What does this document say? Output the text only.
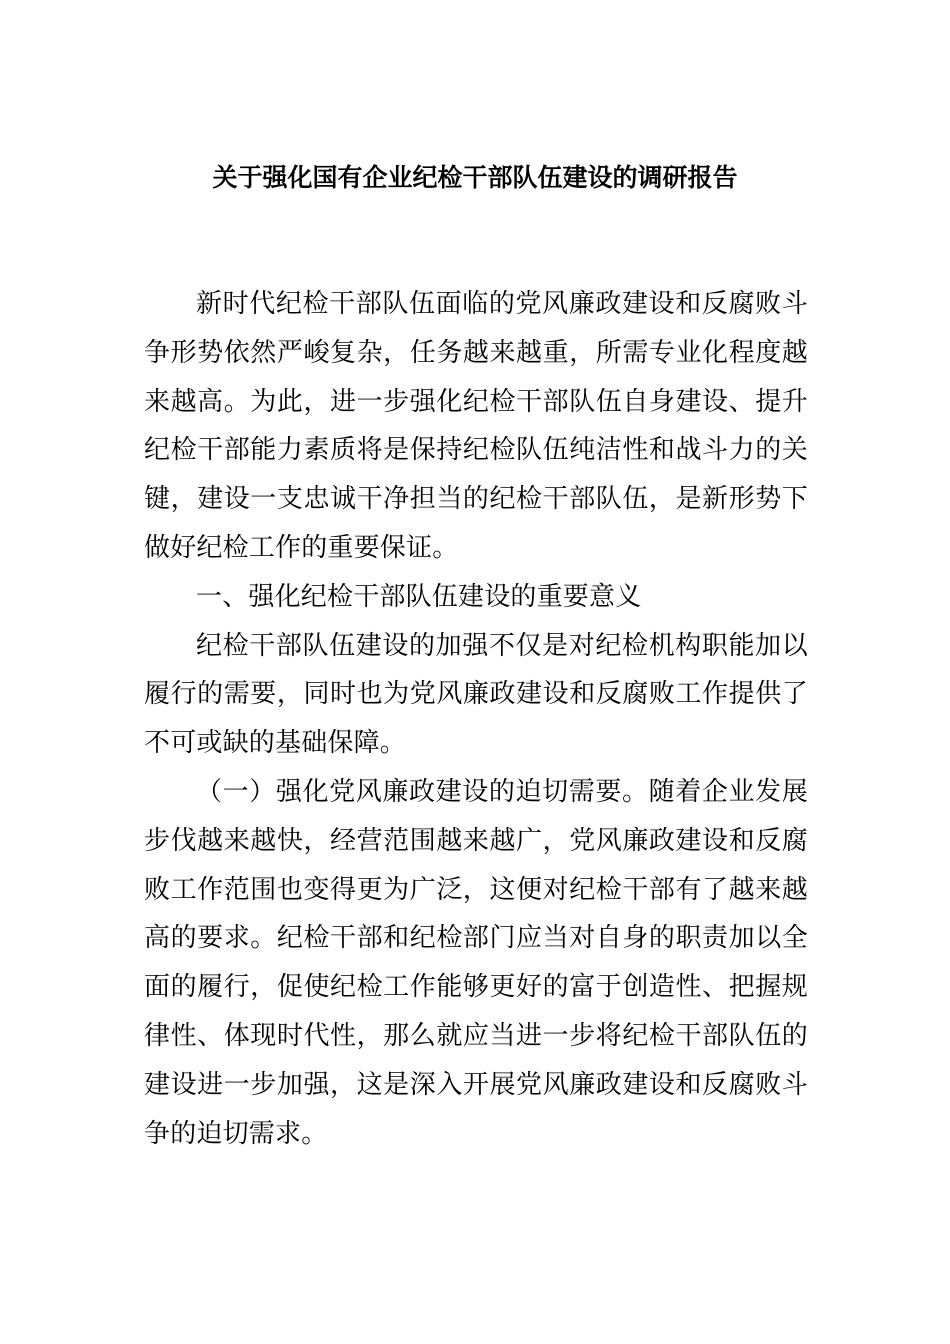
关于强化国有企业纪检干部队伍建设的调研报告

新时代纪检干部队伍面临的党风廉政建设和反腐败斗争形势依然严峻复杂，任务越来越重，所需专业化程度越来越高。为此，进一步强化纪检干部队伍自身建设、提升纪检干部能力素质将是保持纪检队伍纯洁性和战斗力的关键，建设一支忠诚干净担当的纪检干部队伍，是新形势下做好纪检工作的重要保证。

一、强化纪检干部队伍建设的重要意义

纪检干部队伍建设的加强不仅是对纪检机构职能加以履行的需要，同时也为党风廉政建设和反腐败工作提供了不可或缺的基础保障。

（一）强化党风廉政建设的迫切需要。随着企业发展步伐越来越快，经营范围越来越广，党风廉政建设和反腐败工作范围也变得更为广泛，这便对纪检干部有了越来越高的要求。纪检干部和纪检部门应当对自身的职责加以全面的履行，促使纪检工作能够更好的富于创造性、把握规律性、体现时代性，那么就应当进一步将纪检干部队伍的建设进一步加强，这是深入开展党风廉政建设和反腐败斗争的迫切需求。
